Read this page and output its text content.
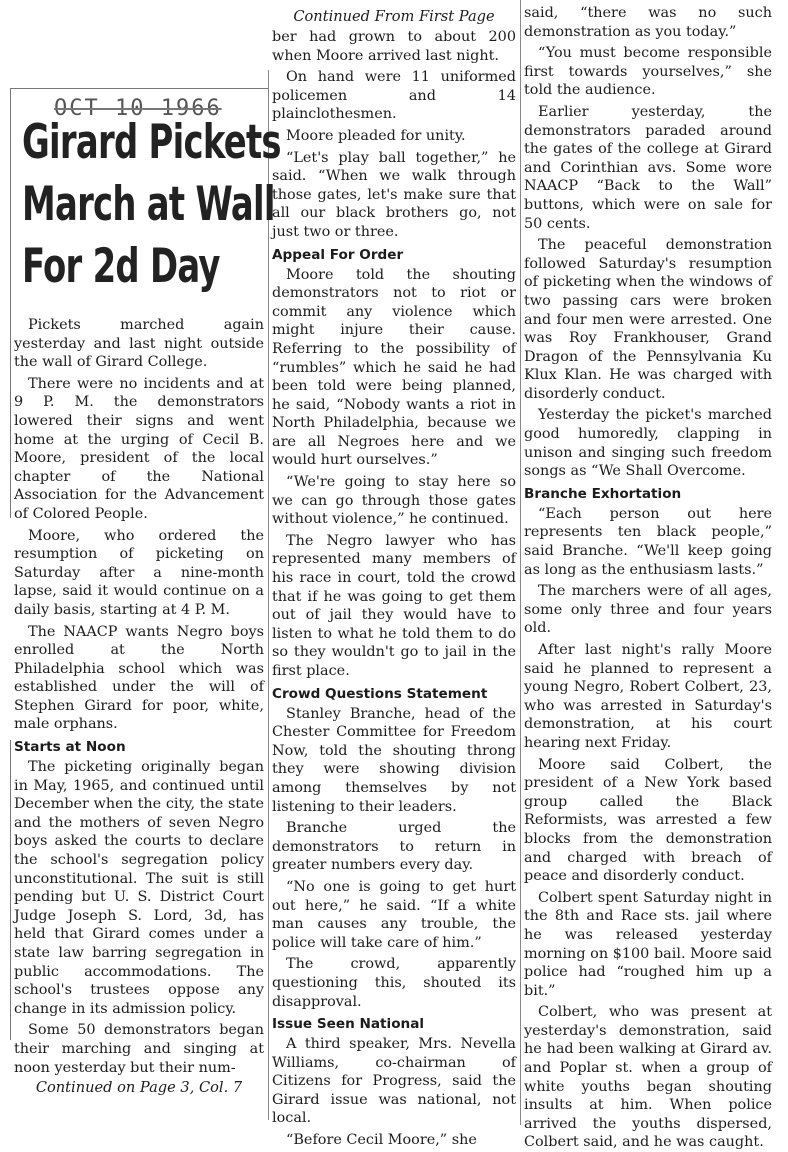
OCT 10 1966
Girard Pickets
March at Wall
For 2d Day

Pickets marched again yesterday and last night outside the wall of Girard College.

There were no incidents and at 9 P. M. the demonstrators lowered their signs and went home at the urging of Cecil B. Moore, president of the local chapter of the National Association for the Advancement of Colored People.

Moore, who ordered the resumption of picketing on Saturday after a nine-month lapse, said it would continue on a daily basis, starting at 4 P. M.

The NAACP wants Negro boys enrolled at the North Philadelphia school which was established under the will of Stephen Girard for poor, white, male orphans.

Starts at Noon

The picketing originally began in May, 1965, and continued until December when the city, the state and the mothers of seven Negro boys asked the courts to declare the school's segregation policy unconstitutional. The suit is still pending but U. S. District Court Judge Joseph S. Lord, 3d, has held that Girard comes under a state law barring segregation in public accommodations. The school's trustees oppose any change in its admission policy.

Some 50 demonstrators began their marching and singing at noon yesterday but their num-

Continued on Page 3, Col. 7
Continued From First Page

ber had grown to about 200 when Moore arrived last night.

On hand were 11 uniformed policemen and 14 plainclothesmen.

Moore pleaded for unity.

“Let's play ball together,” he said. “When we walk through those gates, let's make sure that all our black brothers go, not just two or three.

Appeal For Order

Moore told the shouting demonstrators not to riot or commit any violence which might injure their cause. Referring to the possibility of “rumbles” which he said he had been told were being planned, he said, “Nobody wants a riot in North Philadelphia, because we are all Negroes here and we would hurt ourselves.”

“We're going to stay here so we can go through those gates without violence,” he continued.

The Negro lawyer who has represented many members of his race in court, told the crowd that if he was going to get them out of jail they would have to listen to what he told them to do so they wouldn't go to jail in the first place.

Crowd Questions Statement

Stanley Branche, head of the Chester Committee for Freedom Now, told the shouting throng they were showing division among themselves by not listening to their leaders.

Branche urged the demonstrators to return in greater numbers every day.

“No one is going to get hurt out here,” he said. “If a white man causes any trouble, the police will take care of him.”

The crowd, apparently questioning this, shouted its disapproval.

Issue Seen National

A third speaker, Mrs. Nevella Williams, co-chairman of Citizens for Progress, said the Girard issue was national, not local.

“Before Cecil Moore,” she

said, “there was no such demonstration as you today.”

“You must become responsible first towards yourselves,” she told the audience.

Earlier yesterday, the demonstrators paraded around the gates of the college at Girard and Corinthian avs. Some wore NAACP “Back to the Wall” buttons, which were on sale for 50 cents.

The peaceful demonstration followed Saturday's resumption of picketing when the windows of two passing cars were broken and four men were arrested. One was Roy Frankhouser, Grand Dragon of the Pennsylvania Ku Klux Klan. He was charged with disorderly conduct.

Yesterday the picket's marched good humoredly, clapping in unison and singing such freedom songs as “We Shall Overcome.

Branche Exhortation

“Each person out here represents ten black people,” said Branche. “We'll keep going as long as the enthusiasm lasts.”

The marchers were of all ages, some only three and four years old.

After last night's rally Moore said he planned to represent a young Negro, Robert Colbert, 23, who was arrested in Saturday's demonstration, at his court hearing next Friday.

Moore said Colbert, the president of a New York based group called the Black Reformists, was arrested a few blocks from the demonstration and charged with breach of peace and disorderly conduct.

Colbert spent Saturday night in the 8th and Race sts. jail where he was released yesterday morning on $100 bail. Moore said police had “roughed him up a bit.”

Colbert, who was present at yesterday's demonstration, said he had been walking at Girard av. and Poplar st. when a group of white youths began shouting insults at him. When police arrived the youths dispersed, Colbert said, and he was caught.
